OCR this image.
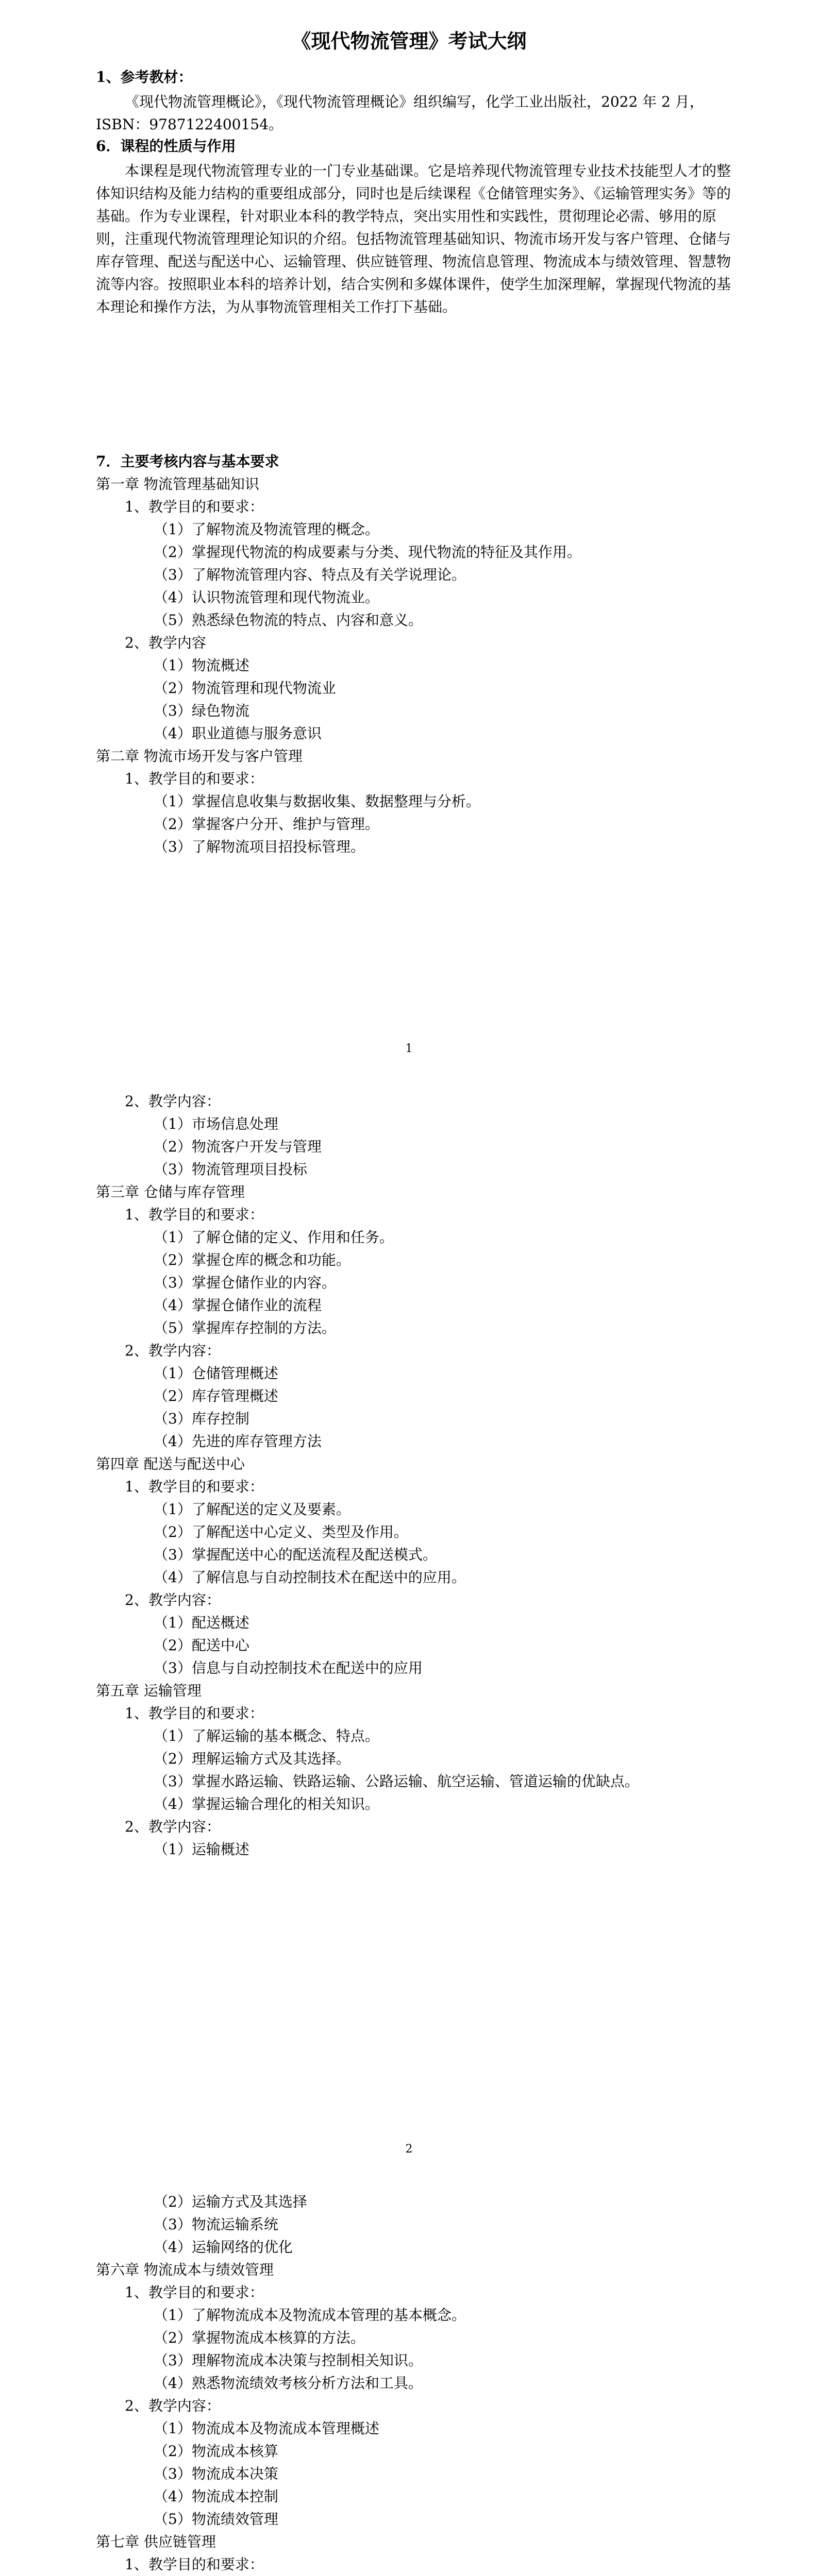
《现代物流管理》考试大纲
1、参考教材：
《现代物流管理概论》，《现代物流管理概论》组织编写，化学工业出版社，2022 年 2 月，ISBN：9787122400154。
6．课程的性质与作用
本课程是现代物流管理专业的一门专业基础课。它是培养现代物流管理专业技术技能型人才的整体知识结构及能力结构的重要组成部分，同时也是后续课程《仓储管理实务》、《运输管理实务》等的基础。作为专业课程，针对职业本科的教学特点，突出实用性和实践性，贯彻理论必需、够用的原则，注重现代物流管理理论知识的介绍。包括物流管理基础知识、物流市场开发与客户管理、仓储与库存管理、配送与配送中心、运输管理、供应链管理、物流信息管理、物流成本与绩效管理、智慧物流等内容。按照职业本科的培养计划，结合实例和多媒体课件，使学生加深理解，掌握现代物流的基本理论和操作方法，为从事物流管理相关工作打下基础。
7．主要考核内容与基本要求
第一章 物流管理基础知识
1、教学目的和要求：
（1）了解物流及物流管理的概念。
（2）掌握现代物流的构成要素与分类、现代物流的特征及其作用。
（3）了解物流管理内容、特点及有关学说理论。
（4）认识物流管理和现代物流业。
（5）熟悉绿色物流的特点、内容和意义。
2、教学内容
（1）物流概述
（2）物流管理和现代物流业
（3）绿色物流
（4）职业道德与服务意识
第二章 物流市场开发与客户管理
1、教学目的和要求：
（1）掌握信息收集与数据收集、数据整理与分析。
（2）掌握客户分开、维护与管理。
（3）了解物流项目招投标管理。
1
2、教学内容：
（1）市场信息处理
（2）物流客户开发与管理
（3）物流管理项目投标
第三章 仓储与库存管理
1、教学目的和要求：
（1）了解仓储的定义、作用和任务。
（2）掌握仓库的概念和功能。
（3）掌握仓储作业的内容。
（4）掌握仓储作业的流程
（5）掌握库存控制的方法。
2、教学内容：
（1）仓储管理概述
（2）库存管理概述
（3）库存控制
（4）先进的库存管理方法
第四章 配送与配送中心
1、教学目的和要求：
（1）了解配送的定义及要素。
（2）了解配送中心定义、类型及作用。
（3）掌握配送中心的配送流程及配送模式。
（4）了解信息与自动控制技术在配送中的应用。
2、教学内容：
（1）配送概述
（2）配送中心
（3）信息与自动控制技术在配送中的应用
第五章 运输管理
1、教学目的和要求：
（1）了解运输的基本概念、特点。
（2）理解运输方式及其选择。
（3）掌握水路运输、铁路运输、公路运输、航空运输、管道运输的优缺点。
（4）掌握运输合理化的相关知识。
2、教学内容：
（1）运输概述
2
（2）运输方式及其选择
（3）物流运输系统
（4）运输网络的优化
第六章 物流成本与绩效管理
1、教学目的和要求：
（1）了解物流成本及物流成本管理的基本概念。
（2）掌握物流成本核算的方法。
（3）理解物流成本决策与控制相关知识。
（4）熟悉物流绩效考核分析方法和工具。
2、教学内容：
（1）物流成本及物流成本管理概述
（2）物流成本核算
（3）物流成本决策
（4）物流成本控制
（5）物流绩效管理
第七章 供应链管理
1、教学目的和要求：
